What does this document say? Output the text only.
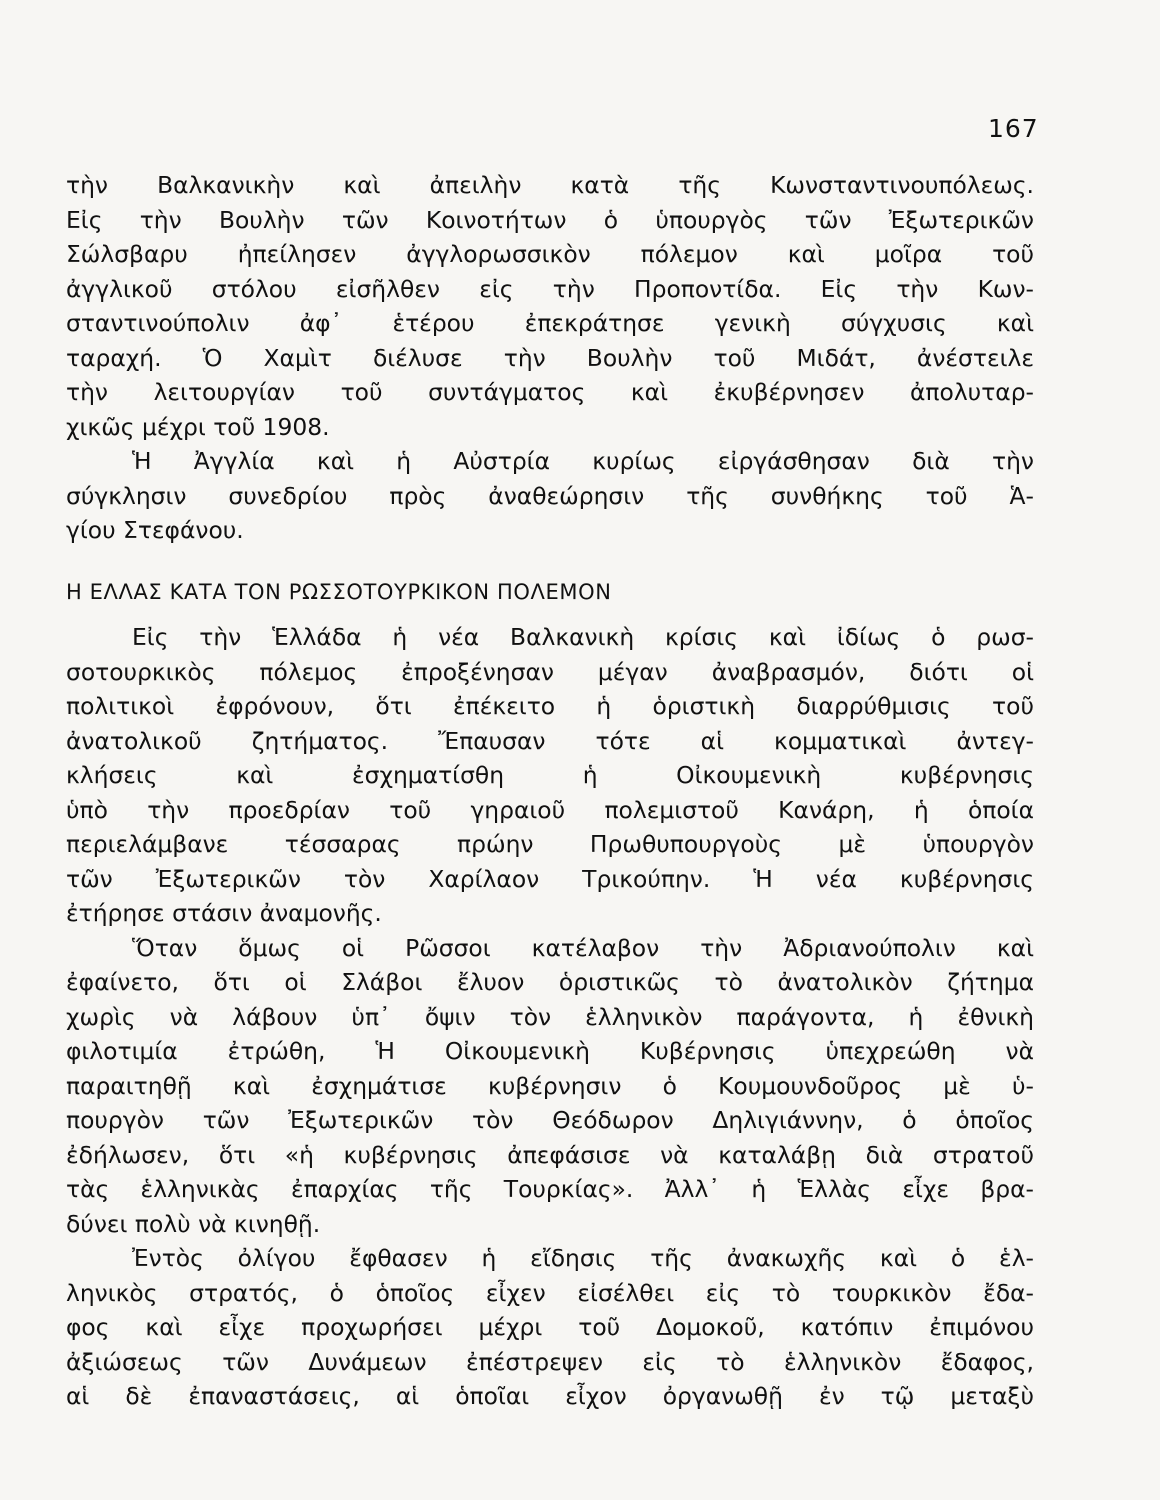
167
τὴν Βαλκανικὴν καὶ ἀπειλὴν κατὰ τῆς Κωνσταντινουπόλεως.
Εἰς τὴν Βουλὴν τῶν Κοινοτήτων ὁ ὑπουργὸς τῶν Ἐξωτερικῶν
Σώλσβαρυ ἠπείλησεν ἀγγλορωσσικὸν πόλεμον καὶ μοῖρα τοῦ
ἀγγλικοῦ στόλου εἰσῆλθεν εἰς τὴν Προποντίδα. Εἰς τὴν Κων-
σταντινούπολιν ἀφ᾿ ἑτέρου ἐπεκράτησε γενικὴ σύγχυσις καὶ
ταραχή. Ὁ Χαμὶτ διέλυσε τὴν Βουλὴν τοῦ Μιδάτ, ἀνέστειλε
τὴν λειτουργίαν τοῦ συντάγματος καὶ ἐκυβέρνησεν ἀπολυταρ-
χικῶς μέχρι τοῦ 1908.
Ἡ Ἀγγλία καὶ ἡ Αὐστρία κυρίως εἰργάσθησαν διὰ τὴν
σύγκλησιν συνεδρίου πρὸς ἀναθεώρησιν τῆς συνθήκης τοῦ Ἁ-
γίου Στεφάνου.
Η ΕΛΛΑΣ ΚΑΤΑ ΤΟΝ ΡΩΣΣΟΤΟΥΡΚΙΚΟΝ ΠΟΛΕΜΟΝ
Εἰς τὴν Ἑλλάδα ἡ νέα Βαλκανικὴ κρίσις καὶ ἰδίως ὁ ρωσ-
σοτουρκικὸς πόλεμος ἐπροξένησαν μέγαν ἀναβρασμόν, διότι οἱ
πολιτικοὶ ἐφρόνουν, ὅτι ἐπέκειτο ἡ ὁριστικὴ διαρρύθμισις τοῦ
ἀνατολικοῦ ζητήματος. Ἔπαυσαν τότε αἱ κομματικαὶ ἀντεγ-
κλήσεις καὶ ἐσχηματίσθη ἡ Οἰκουμενικὴ κυβέρνησις
ὑπὸ τὴν προεδρίαν τοῦ γηραιοῦ πολεμιστοῦ Κανάρη, ἡ ὁποία
περιελάμβανε τέσσαρας πρώην Πρωθυπουργοὺς μὲ ὑπουργὸν
τῶν Ἐξωτερικῶν τὸν Χαρίλαον Τρικούπην. Ἡ νέα κυβέρνησις
ἐτήρησε στάσιν ἀναμονῆς.
Ὅταν ὅμως οἱ Ρῶσσοι κατέλαβον τὴν Ἀδριανούπολιν καὶ
ἐφαίνετο, ὅτι οἱ Σλάβοι ἔλυον ὁριστικῶς τὸ ἀνατολικὸν ζήτημα
χωρὶς νὰ λάβουν ὑπ᾿ ὄψιν τὸν ἑλληνικὸν παράγοντα, ἡ ἐθνικὴ
φιλοτιμία ἐτρώθη, Ἡ Οἰκουμενικὴ Κυβέρνησις ὑπεχρεώθη νὰ
παραιτηθῇ καὶ ἐσχημάτισε κυβέρνησιν ὁ Κουμουνδοῦρος μὲ ὑ-
πουργὸν τῶν Ἐξωτερικῶν τὸν Θεόδωρον Δηλιγιάννην, ὁ ὁποῖος
ἐδήλωσεν, ὅτι «ἡ κυβέρνησις ἀπεφάσισε νὰ καταλάβῃ διὰ στρατοῦ
τὰς ἑλληνικὰς ἐπαρχίας τῆς Τουρκίας». Ἀλλ᾿ ἡ Ἑλλὰς εἶχε βρα-
δύνει πολὺ νὰ κινηθῇ.
Ἐντὸς ὀλίγου ἔφθασεν ἡ εἴδησις τῆς ἀνακωχῆς καὶ ὁ ἑλ-
ληνικὸς στρατός, ὁ ὁποῖος εἶχεν εἰσέλθει εἰς τὸ τουρκικὸν ἔδα-
φος καὶ εἶχε προχωρήσει μέχρι τοῦ Δομοκοῦ, κατόπιν ἐπιμόνου
ἀξιώσεως τῶν Δυνάμεων ἐπέστρεψεν εἰς τὸ ἑλληνικὸν ἔδαφος,
αἱ δὲ ἐπαναστάσεις, αἱ ὁποῖαι εἶχον ὀργανωθῇ ἐν τῷ μεταξὺ
